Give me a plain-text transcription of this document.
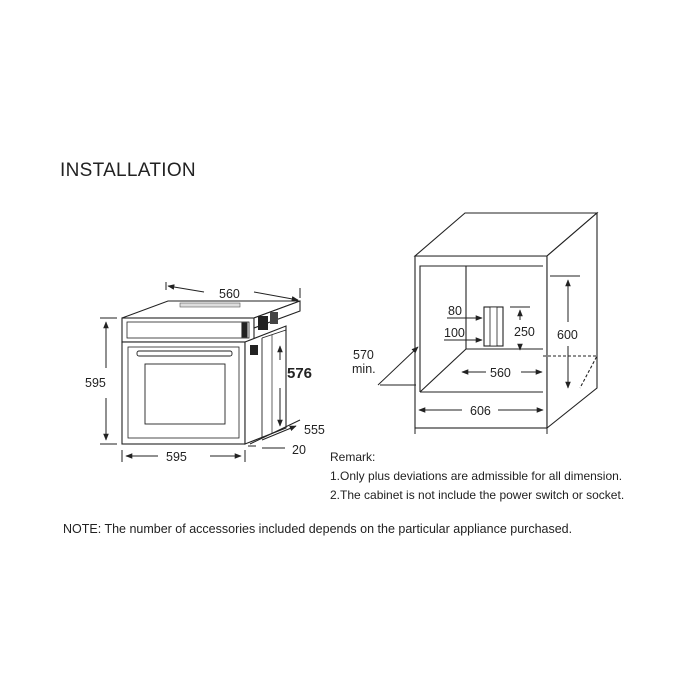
INSTALLATION
560
595
576
555
20
595
80
100	250 600
570
min.	560
606
Remark:
1.Only plus deviations are admissible for all dimension.
2.The cabinet is not include the power switch or socket.
NOTE: The number of accessories included depends on the particular appliance purchased.
